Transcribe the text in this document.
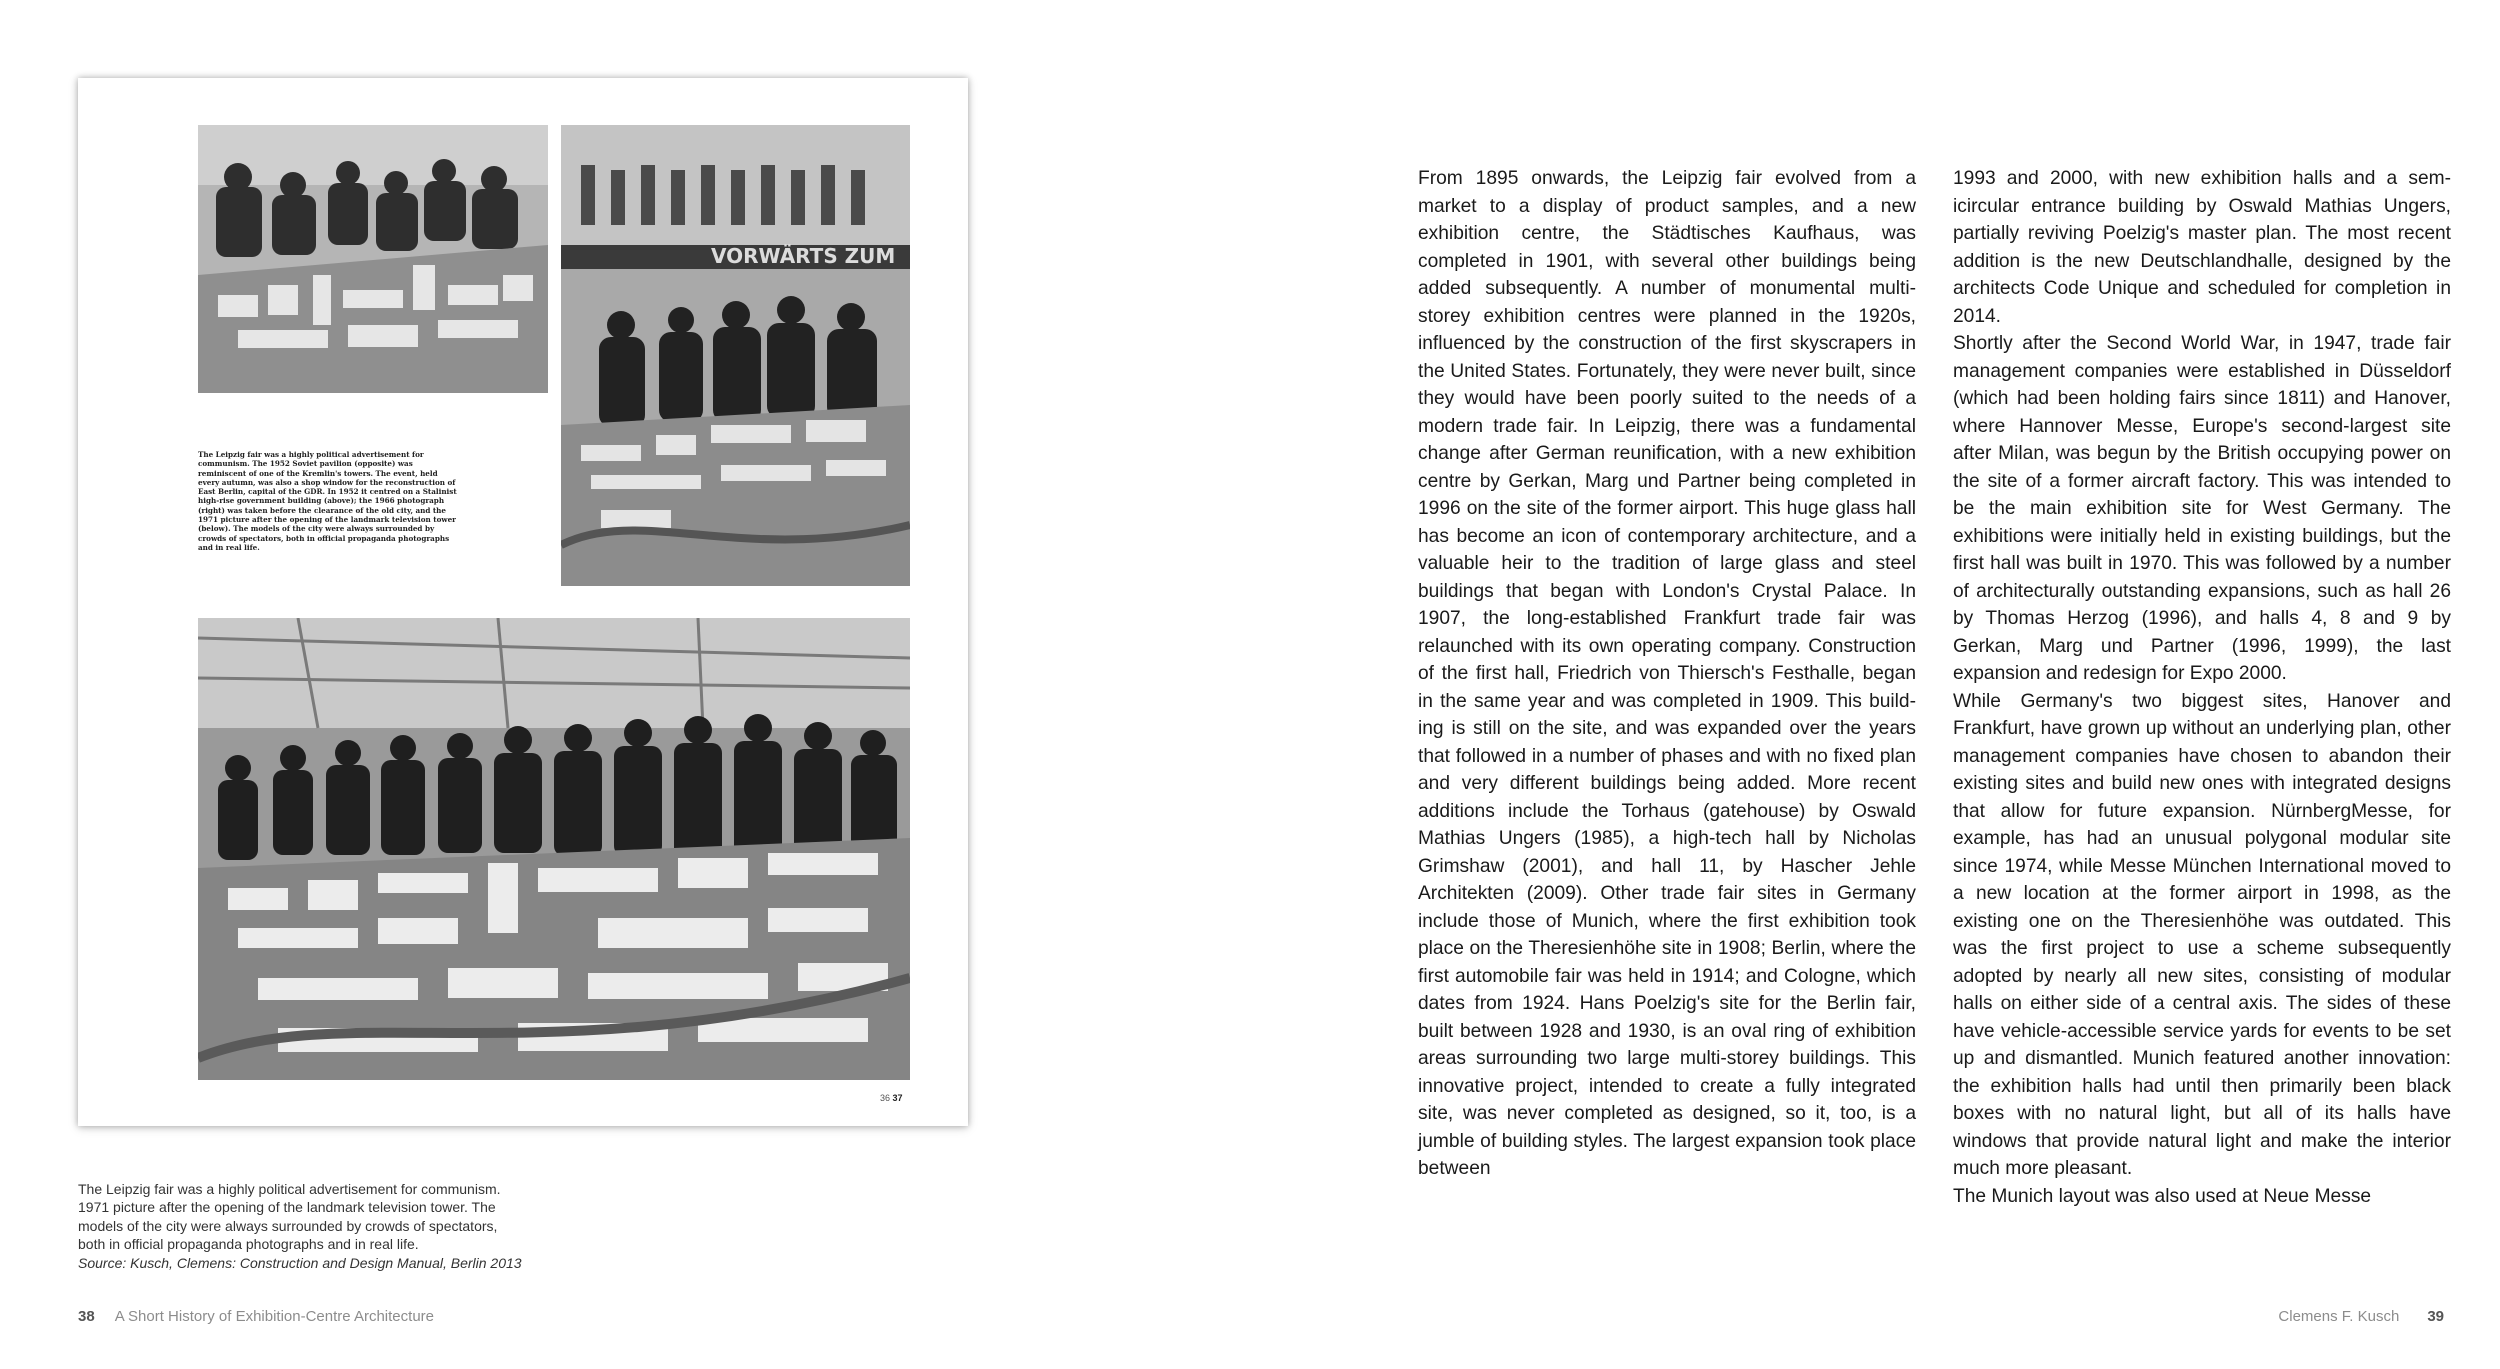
VORWÄRTS ZUM
The Leipzig fair was a highly political advertisement for communism. The 1952 Soviet pavilion (opposite) was reminiscent of one of the Kremlin's towers. The event, held every autumn, was also a shop window for the reconstruction of East Berlin, capital of the GDR. In 1952 it centred on a Stalinist high-rise government building (above); the 1966 photograph (right) was taken before the clearance of the old city, and the 1971 picture after the opening of the landmark television tower (below). The models of the city were always surrounded by crowds of spectators, both in official propaganda photographs and in real life.
36 37

The Leipzig fair was a highly political advertisement for communism.

1971 picture after the opening of the landmark television tower. The

models of the city were always surrounded by crowds of spectators,

both in official propaganda photographs and in real life.

Source: Kusch, Clemens: Construction and Design Manual, Berlin 2013

38 A Short History of Exhibition-Centre Architecture

From 1895 onwards, the Leipzig fair evolved from a market to a display of product samples, and a new exhibition centre, the Städtisches Kaufhaus, was completed in 1901, with several other buildings being added subsequently. A number of monumental multi-storey exhibition centres were planned in the 1920s, influenced by the construction of the first skyscrapers in the United States. Fortunately, they were never built, since they would have been poorly suited to the needs of a modern trade fair. In Leipzig, there was a fundamental change after German reunification, with a new exhibition centre by Gerkan, Marg und Partner being completed in 1996 on the site of the former airport. This huge glass hall has become an icon of contemporary architecture, and a valuable heir to the tradition of large glass and steel buildings that began with London's Crystal Palace. In 1907, the long-established Frankfurt trade fair was relaunched with its own operating company. Construction of the first hall, Friedrich von Thiersch's Festhalle, began in the same year and was completed in 1909. This building is still on the site, and was expanded over the years that followed in a number of phases and with no fixed plan and very different buildings being added. More recent additions include the Torhaus (gatehouse) by Oswald Mathias Ungers (1985), a high-tech hall by Nicholas Grimshaw (2001), and hall 11, by Hascher Jehle Architekten (2009). Other trade fair sites in Germany include those of Munich, where the first exhibition took place on the Theresienhöhe site in 1908; Berlin, where the first automobile fair was held in 1914; and Cologne, which dates from 1924. Hans Poelzig's site for the Berlin fair, built between 1928 and 1930, is an oval ring of exhibition areas surrounding two large multi-storey buildings. This innovative project, intended to create a fully integrated site, was never completed as designed, so it, too, is a jumble of building styles. The largest expansion took place between

1993 and 2000, with new exhibition halls and a semicircular entrance building by Oswald Mathias Ungers, partially reviving Poelzig's master plan. The most recent addition is the new Deutschlandhalle, designed by the architects Code Unique and scheduled for completion in 2014.

Shortly after the Second World War, in 1947, trade fair management companies were established in Düsseldorf (which had been holding fairs since 1811) and Hanover, where Hannover Messe, Europe's second-largest site after Milan, was begun by the British occupying power on the site of a former aircraft factory. This was intended to be the main exhibition site for West Germany. The exhibitions were initially held in existing buildings, but the first hall was built in 1970. This was followed by a number of architecturally outstanding expansions, such as hall 26 by Thomas Herzog (1996), and halls 4, 8 and 9 by Gerkan, Marg und Partner (1996, 1999), the last expansion and redesign for Expo 2000.

While Germany's two biggest sites, Hanover and Frankfurt, have grown up without an underlying plan, other management companies have chosen to abandon their existing sites and build new ones with integrated designs that allow for future expansion. NürnbergMesse, for example, has had an unusual polygonal modular site since 1974, while Messe München International moved to a new location at the former airport in 1998, as the existing one on the Theresienhöhe was outdated. This was the first project to use a scheme subsequently adopted by nearly all new sites, consisting of modular halls on either side of a central axis. The sides of these have vehicle-accessible service yards for events to be set up and dismantled. Munich featured another innovation: the exhibition halls had until then primarily been black boxes with no natural light, but all of its halls have windows that provide natural light and make the interior much more pleasant.

The Munich layout was also used at Neue Messe

Clemens F. Kusch 39
